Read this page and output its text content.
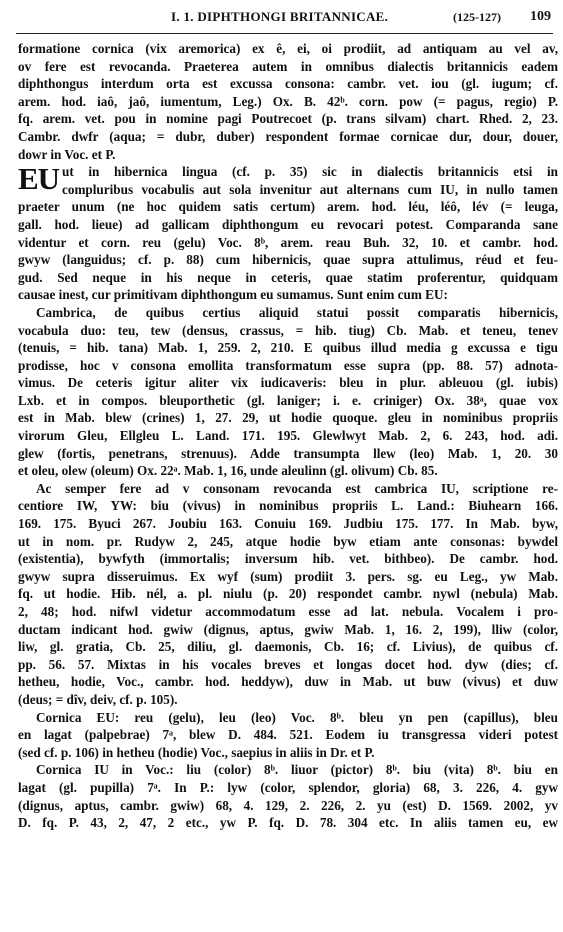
I. 1. DIPHTHONGI BRITANNICAE.	(125-127) 109
formatione cornica (vix aremorica) ex ê, ei, oi prodiit, ad antiquam au vel av,
ov fere est revocanda. Praeterea autem in omnibus dialectis britannicis eadem
diphthongus interdum orta est excussa consona: cambr. vet. iou (gl. iugum; cf.
arem. hod. iaô, jaô, iumentum, Leg.) Ox. B. 42ᵇ. corn. pow (= pagus, regio) P.
fq. arem. vet. pou in nomine pagi Poutrecoet (p. trans silvam) chart. Rhed. 2, 23.
Cambr. dwfr (aqua; = dubr, duber) respondent formae cornicae dur, dour, douer,
dowr in Voc. et P.
EU ut in hibernica lingua (cf. p. 35) sic in dialectis britannicis etsi in
compluribus vocabulis aut sola invenitur aut alternans cum IU, in nullo tamen
praeter unum (ne hoc quidem satis certum) arem. hod. léu, léô, lév (= leuga,
gall. hod. lieue) ad gallicam diphthongum eu revocari potest. Comparanda sane
videntur et corn. reu (gelu) Voc. 8ᵇ, arem. reau Buh. 32, 10. et cambr. hod.
gwyw (languidus; cf. p. 88) cum hibernicis, quae supra attulimus, réud et feu-
gud. Sed neque in his neque in ceteris, quae statim proferentur, quidquam
causae inest, cur primitivam diphthongum eu sumamus. Sunt enim cum EU:
Cambrica, de quibus certius aliquid statui possit comparatis hibernicis,
vocabula duo: teu, tew (densus, crassus, = hib. tiug) Cb. Mab. et teneu, tenev
(tenuis, = hib. tana) Mab. 1, 259. 2, 210. E quibus illud media g excussa e tigu
prodisse, hoc v consona emollita transformatum esse supra (pp. 88. 57) adnota-
vimus. De ceteris igitur aliter vix iudicaveris: bleu in plur. ableuou (gl. iubis)
Lxb. et in compos. bleuporthetic (gl. laniger; i. e. criniger) Ox. 38ᵃ, quae vox
est in Mab. blew (crines) 1, 27. 29, ut hodie quoque. gleu in nominibus propriis
virorum Gleu, Ellgleu L. Land. 171. 195. Glewlwyt Mab. 2, 6. 243, hod. adi.
glew (fortis, penetrans, strenuus). Adde transumpta llew (leo) Mab. 1, 20. 30
et oleu, olew (oleum) Ox. 22ᵃ. Mab. 1, 16, unde aleulinn (gl. olivum) Cb. 85.
Ac semper fere ad v consonam revocanda est cambrica IU, scriptione re-
centiore IW, YW: biu (vivus) in nominibus propriis L. Land.: Biuhearn 166.
169. 175. Byuci 267. Joubiu 163. Conuiu 169. Judbiu 175. 177. In Mab. byw,
ut in nom. pr. Rudyw 2, 245, atque hodie byw etiam ante consonas: bywdel
(existentia), bywfyth (immortalis; inversum hib. vet. bithbeo). De cambr. hod.
gwyw supra disseruimus. Ex wyf (sum) prodiit 3. pers. sg. eu Leg., yw Mab.
fq. ut hodie. Hib. nél, a. pl. niulu (p. 20) respondet cambr. nywl (nebula) Mab.
2, 48; hod. nifwl videtur accommodatum esse ad lat. nebula. Vocalem i pro-
ductam indicant hod. gwiw (dignus, aptus, gwiw Mab. 1, 16. 2, 199), lliw (color,
liw, gl. gratia, Cb. 25, diliu, gl. daemonis, Cb. 16; cf. Livius), de quibus cf.
pp. 56. 57. Mixtas in his vocales breves et longas docet hod. dyw (dies; cf.
hetheu, hodie, Voc., cambr. hod. heddyw), duw in Mab. ut buw (vivus) et duw
(deus; = dîv, deiv, cf. p. 105).
Cornica EU: reu (gelu), leu (leo) Voc. 8ᵇ. bleu yn pen (capillus), bleu
en lagat (palpebrae) 7ᵃ, blew D. 484. 521. Eodem iu transgressa videri potest
(sed cf. p. 106) in hetheu (hodie) Voc., saepius in aliis in Dr. et P.
Cornica IU in Voc.: liu (color) 8ᵇ. liuor (pictor) 8ᵇ. biu (vita) 8ᵇ. biu en
lagat (gl. pupilla) 7ᵃ. In P.: lyw (color, splendor, gloria) 68, 3. 226, 4. gyw
(dignus, aptus, cambr. gwiw) 68, 4. 129, 2. 226, 2. yu (est) D. 1569. 2002, yv
D. fq. P. 43, 2, 47, 2 etc., yw P. fq. D. 78. 304 etc. In aliis tamen eu, ew
